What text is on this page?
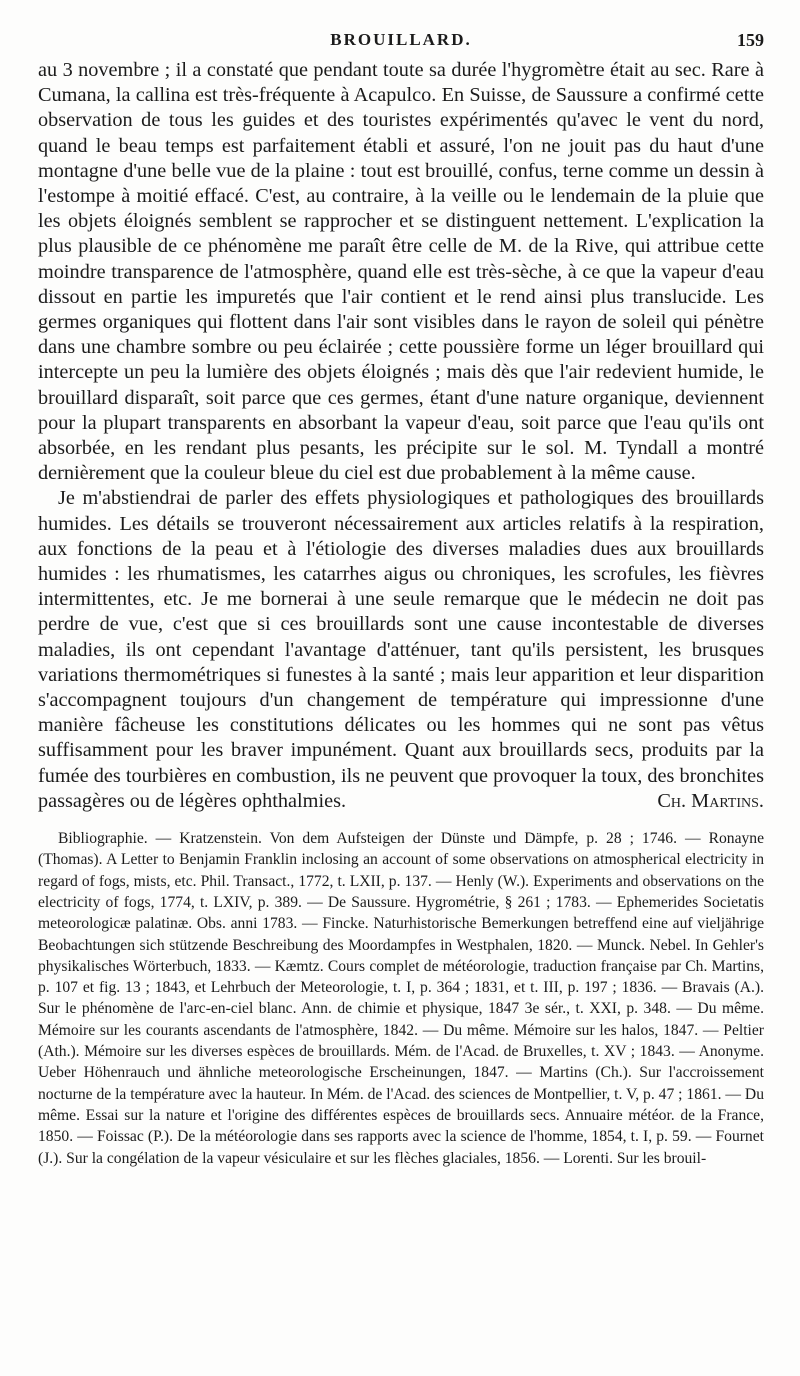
BROUILLARD.	159

au 3 novembre ; il a constaté que pendant toute sa durée l'hygromètre était au sec. Rare à Cumana, la callina est très-fréquente à Acapulco. En Suisse, de Saussure a confirmé cette observation de tous les guides et des touristes expérimentés qu'avec le vent du nord, quand le beau temps est parfaitement établi et assuré, l'on ne jouit pas du haut d'une montagne d'une belle vue de la plaine : tout est brouillé, confus, terne comme un dessin à l'estompe à moitié effacé. C'est, au contraire, à la veille ou le lendemain de la pluie que les objets éloignés semblent se rapprocher et se distinguent nettement. L'explication la plus plausible de ce phénomène me paraît être celle de M. de la Rive, qui attribue cette moindre transparence de l'atmosphère, quand elle est très-sèche, à ce que la vapeur d'eau dissout en partie les impuretés que l'air contient et le rend ainsi plus translucide. Les germes organiques qui flottent dans l'air sont visibles dans le rayon de soleil qui pénètre dans une chambre sombre ou peu éclairée ; cette poussière forme un léger brouillard qui intercepte un peu la lumière des objets éloignés ; mais dès que l'air redevient humide, le brouillard disparaît, soit parce que ces germes, étant d'une nature organique, deviennent pour la plupart transparents en absorbant la vapeur d'eau, soit parce que l'eau qu'ils ont absorbée, en les rendant plus pesants, les précipite sur le sol. M. Tyndall a montré dernièrement que la couleur bleue du ciel est due probablement à la même cause.

Je m'abstiendrai de parler des effets physiologiques et pathologiques des brouillards humides. Les détails se trouveront nécessairement aux articles relatifs à la respiration, aux fonctions de la peau et à l'étiologie des diverses maladies dues aux brouillards humides : les rhumatismes, les catarrhes aigus ou chroniques, les scrofules, les fièvres intermittentes, etc. Je me bornerai à une seule remarque que le médecin ne doit pas perdre de vue, c'est que si ces brouillards sont une cause incontestable de diverses maladies, ils ont cependant l'avantage d'atténuer, tant qu'ils persistent, les brusques variations thermométriques si funestes à la santé ; mais leur apparition et leur disparition s'accompagnent toujours d'un changement de température qui impressionne d'une manière fâcheuse les constitutions délicates ou les hommes qui ne sont pas vêtus suffisamment pour les braver impunément. Quant aux brouillards secs, produits par la fumée des tourbières en combustion, ils ne peuvent que provoquer la toux, des bronchites passagères ou de légères ophthalmies.	Ch. Martins.

Bibliographie. — Kratzenstein. Von dem Aufsteigen der Dünste und Dämpfe, p. 28 ; 1746. — Ronayne (Thomas). A Letter to Benjamin Franklin inclosing an account of some observations on atmospherical electricity in regard of fogs, mists, etc. Phil. Transact., 1772, t. LXII, p. 137. — Henly (W.). Experiments and observations on the electricity of fogs, 1774, t. LXIV, p. 389. — De Saussure. Hygrométrie, § 261 ; 1783. — Ephemerides Societatis meteorologicæ palatinæ. Obs. anni 1783. — Fincke. Naturhistorische Bemerkungen betreffend eine auf vieljährige Beobachtungen sich stützende Beschreibung des Moordampfes in Westphalen, 1820. — Munck. Nebel. In Gehler's physikalisches Wörterbuch, 1833. — Kæmtz. Cours complet de météorologie, traduction française par Ch. Martins, p. 107 et fig. 13 ; 1843, et Lehrbuch der Meteorologie, t. I, p. 364 ; 1831, et t. III, p. 197 ; 1836. — Bravais (A.). Sur le phénomène de l'arc-en-ciel blanc. Ann. de chimie et physique, 1847 3e sér., t. XXI, p. 348. — Du même. Mémoire sur les courants ascendants de l'atmosphère, 1842. — Du même. Mémoire sur les halos, 1847. — Peltier (Ath.). Mémoire sur les diverses espèces de brouillards. Mém. de l'Acad. de Bruxelles, t. XV ; 1843. — Anonyme. Ueber Höhenrauch und ähnliche meteorologische Erscheinungen, 1847. — Martins (Ch.). Sur l'accroissement nocturne de la température avec la hauteur. In Mém. de l'Acad. des sciences de Montpellier, t. V, p. 47 ; 1861. — Du même. Essai sur la nature et l'origine des différentes espèces de brouillards secs. Annuaire météor. de la France, 1850. — Foissac (P.). De la météorologie dans ses rapports avec la science de l'homme, 1854, t. I, p. 59. — Fournet (J.). Sur la congélation de la vapeur vésiculaire et sur les flèches glaciales, 1856. — Lorenti. Sur les brouil-
